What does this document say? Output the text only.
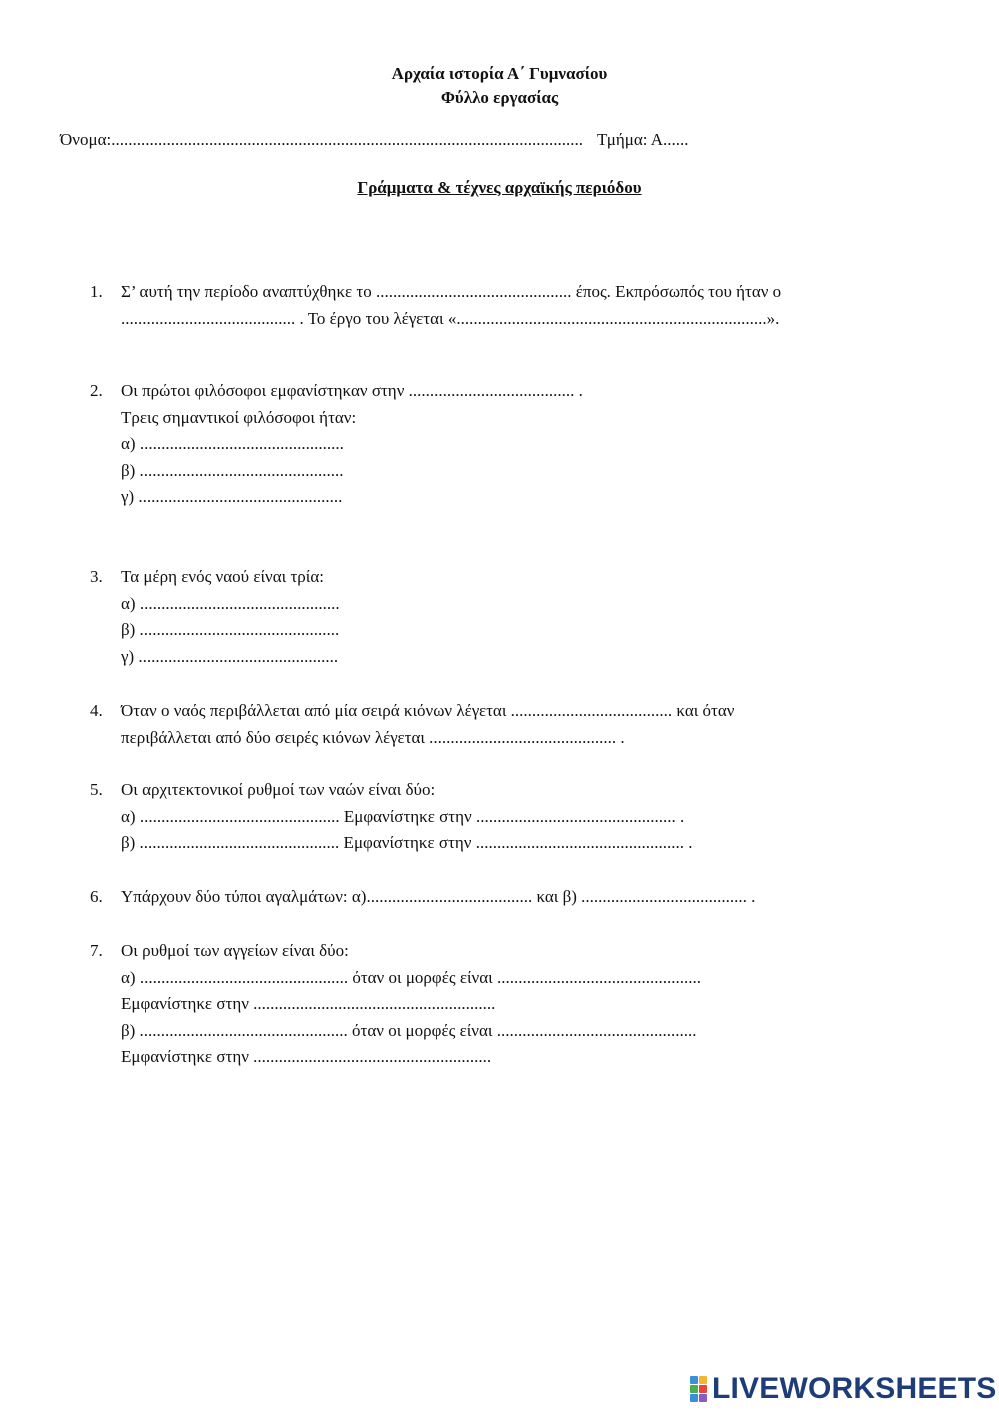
Αρχαία ιστορία Α΄ Γυμνασίου
Φύλλο εργασίας
Όνομα:............................................................................................................... Τμήμα: Α......
Γράμματα & τέχνες αρχαϊκής περιόδου
1.	Σ’ αυτή την περίοδο αναπτύχθηκε το .............................................. έπος. Εκπρόσωπός του ήταν ο
......................................... . Το έργο του λέγεται «.........................................................................».
2.	Οι πρώτοι φιλόσοφοι εμφανίστηκαν στην ....................................... .
Τρεις σημαντικοί φιλόσοφοι ήταν:
α) ................................................
β) ................................................
γ) ................................................
3.	Τα μέρη ενός ναού είναι τρία:
α) ...............................................
β) ...............................................
γ) ...............................................
4.	Όταν ο ναός περιβάλλεται από μία σειρά κιόνων λέγεται ...................................... και όταν
περιβάλλεται από δύο σειρές κιόνων λέγεται ............................................ .
5.	Οι αρχιτεκτονικοί ρυθμοί των ναών είναι δύο:
α) ............................................... Εμφανίστηκε στην ............................................... .
β) ............................................... Εμφανίστηκε στην ................................................. .
6.	Υπάρχουν δύο τύποι αγαλμάτων: α)....................................... και β) ....................................... .
7.	Οι ρυθμοί των αγγείων είναι δύο:
α) ................................................. όταν οι μορφές είναι ................................................
Εμφανίστηκε στην .........................................................
β) ................................................. όταν οι μορφές είναι ...............................................
Εμφανίστηκε στην ........................................................
LIVEWORKSHEETS
